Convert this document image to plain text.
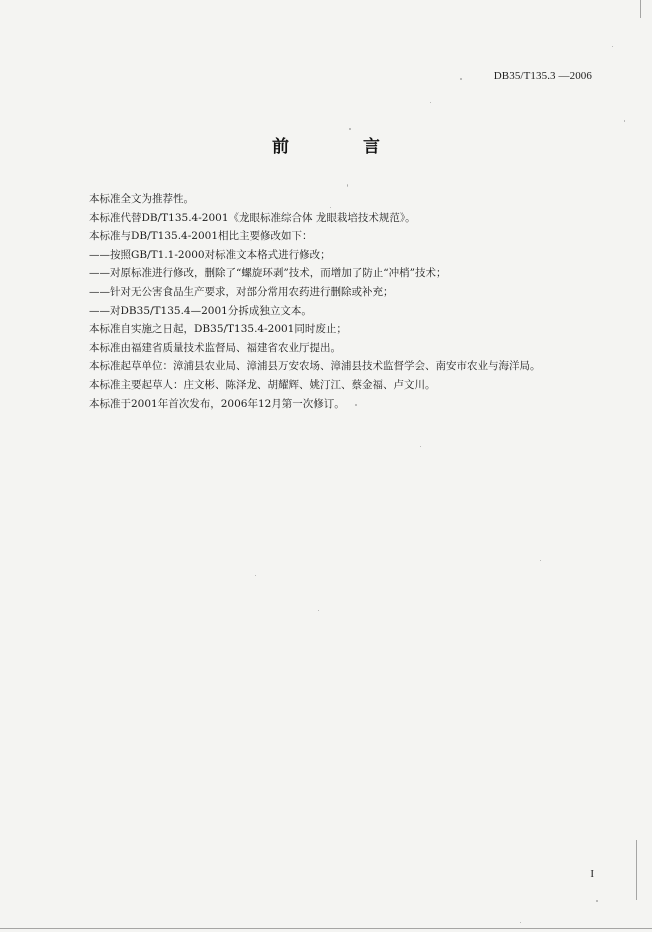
DB35/T135.3 —2006
前 言
本标准全文为推荐性。
本标准代替DB/T135.4-2001《龙眼标准综合体 龙眼栽培技术规范》。
本标准与DB/T135.4-2001相比主要修改如下：
——按照GB/T1.1-2000对标准文本格式进行修改；
——对原标准进行修改，删除了“螺旋环剥”技术，而增加了防止“冲梢”技术；
——针对无公害食品生产要求，对部分常用农药进行删除或补充；
——对DB35/T135.4—2001分拆成独立文本。
本标准自实施之日起，DB35/T135.4-2001同时废止；
本标准由福建省质量技术监督局、福建省农业厅提出。
本标准起草单位：漳浦县农业局、漳浦县万安农场、漳浦县技术监督学会、南安市农业与海洋局。
本标准主要起草人：庄文彬、陈泽龙、胡耀辉、姚汀江、蔡金福、卢文川。
本标准于2001年首次发布，2006年12月第一次修订。
I
